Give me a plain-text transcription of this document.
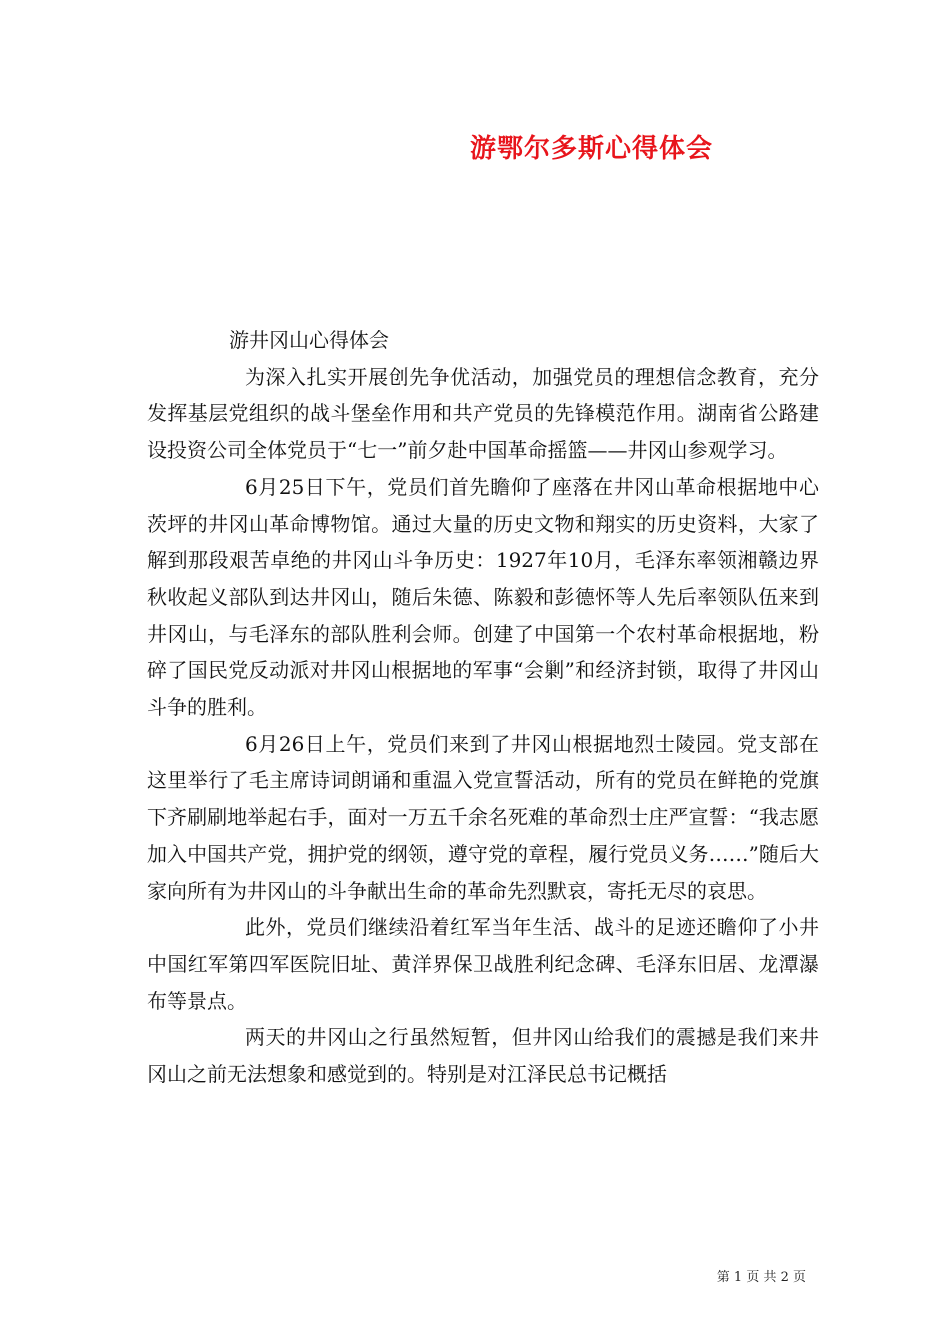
游鄂尔多斯心得体会

游井冈山心得体会

为深入扎实开展创先争优活动，加强党员的理想信念教育，充分发挥基层党组织的战斗堡垒作用和共产党员的先锋模范作用。湖南省公路建设投资公司全体党员于“七一”前夕赴中国革命摇篮——井冈山参观学习。

6月25日下午，党员们首先瞻仰了座落在井冈山革命根据地中心茨坪的井冈山革命博物馆。通过大量的历史文物和翔实的历史资料，大家了解到那段艰苦卓绝的井冈山斗争历史：1927年10月，毛泽东率领湘赣边界秋收起义部队到达井冈山，随后朱德、陈毅和彭德怀等人先后率领队伍来到井冈山，与毛泽东的部队胜利会师。创建了中国第一个农村革命根据地，粉碎了国民党反动派对井冈山根据地的军事“会剿”和经济封锁，取得了井冈山斗争的胜利。

6月26日上午，党员们来到了井冈山根据地烈士陵园。党支部在这里举行了毛主席诗词朗诵和重温入党宣誓活动，所有的党员在鲜艳的党旗下齐刷刷地举起右手，面对一万五千余名死难的革命烈士庄严宣誓：“我志愿加入中国共产党，拥护党的纲领，遵守党的章程，履行党员义务……”随后大家向所有为井冈山的斗争献出生命的革命先烈默哀，寄托无尽的哀思。

此外，党员们继续沿着红军当年生活、战斗的足迹还瞻仰了小井中国红军第四军医院旧址、黄洋界保卫战胜利纪念碑、毛泽东旧居、龙潭瀑布等景点。

两天的井冈山之行虽然短暂，但井冈山给我们的震撼是我们来井冈山之前无法想象和感觉到的。特别是对江泽民总书记概括

第 1 页 共 2 页
